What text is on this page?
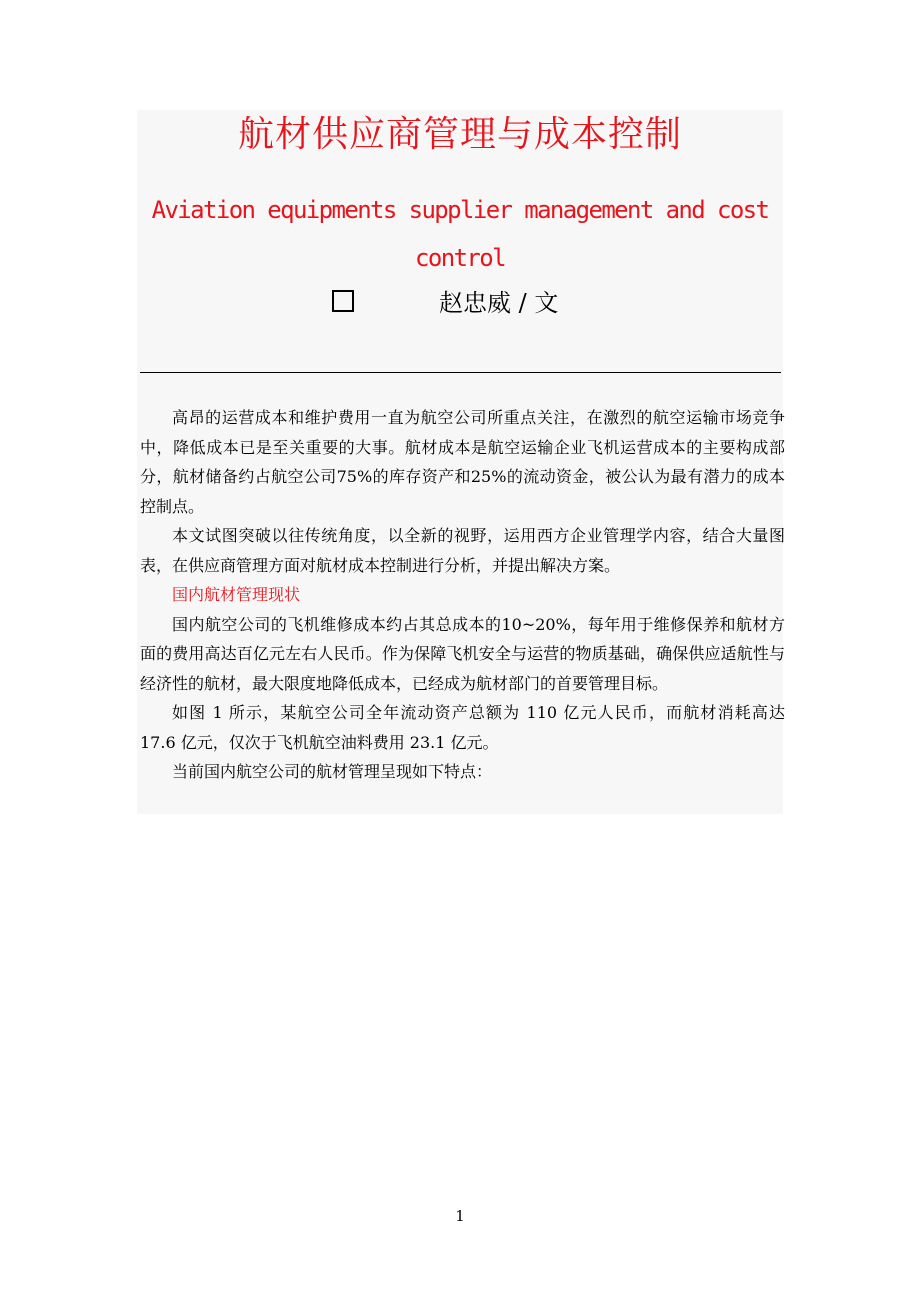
航材供应商管理与成本控制
Aviation equipments supplier management and cost control
赵忠威 / 文

高昂的运营成本和维护费用一直为航空公司所重点关注，在激烈的航空运输市场竞争中，降低成本已是至关重要的大事。航材成本是航空运输企业飞机运营成本的主要构成部分，航材储备约占航空公司75%的库存资产和25%的流动资金，被公认为最有潜力的成本控制点。

本文试图突破以往传统角度，以全新的视野，运用西方企业管理学内容，结合大量图表，在供应商管理方面对航材成本控制进行分析，并提出解决方案。

国内航材管理现状

国内航空公司的飞机维修成本约占其总成本的10~20%，每年用于维修保养和航材方面的费用高达百亿元左右人民币。作为保障飞机安全与运营的物质基础，确保供应适航性与经济性的航材，最大限度地降低成本，已经成为航材部门的首要管理目标。

如图 1 所示，某航空公司全年流动资产总额为 110 亿元人民币，而航材消耗高达 17.6 亿元，仅次于飞机航空油料费用 23.1 亿元。

当前国内航空公司的航材管理呈现如下特点：

1
